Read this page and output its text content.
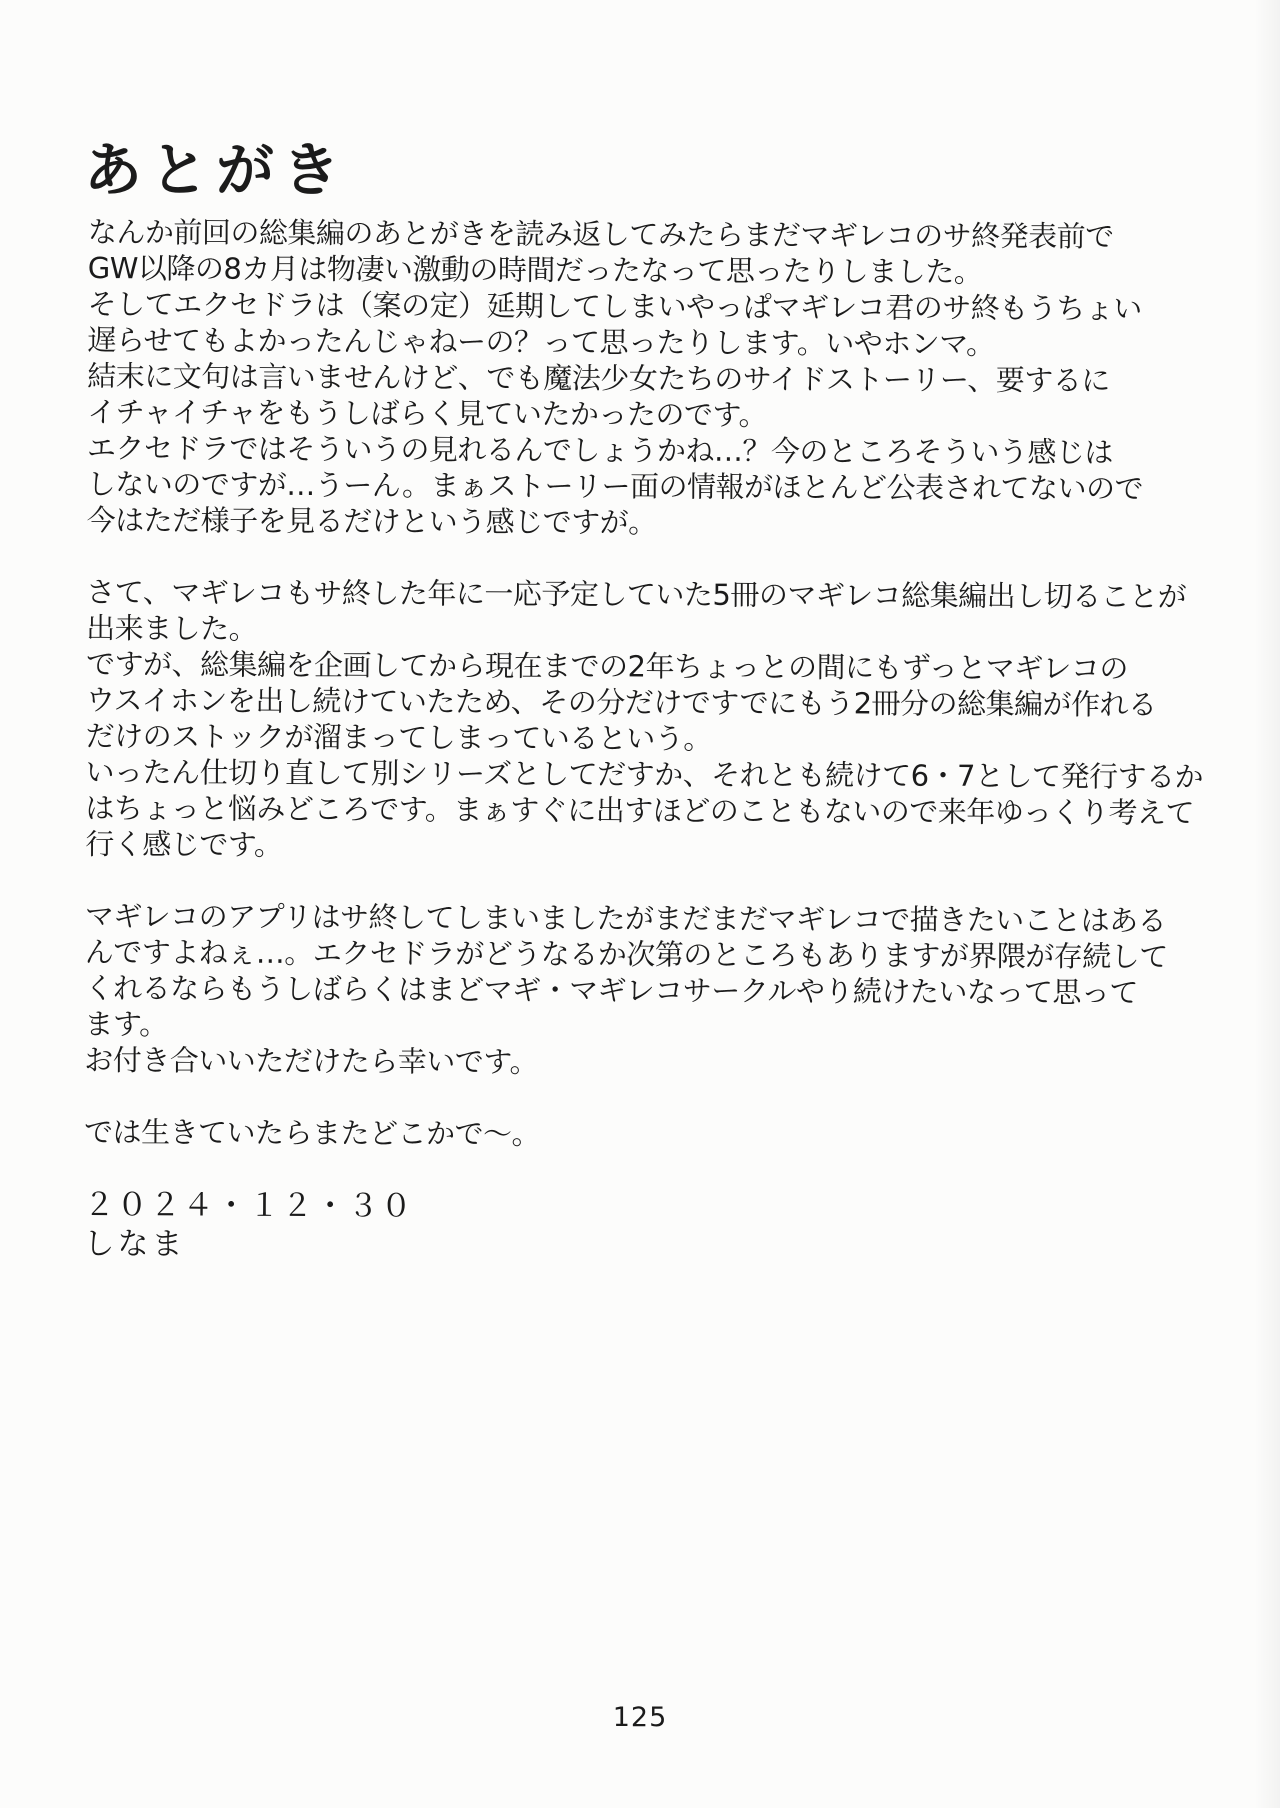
あとがき
なんか前回の総集編のあとがきを読み返してみたらまだマギレコのサ終発表前で
GW以降の8カ月は物凄い激動の時間だったなって思ったりしました。
そしてエクセドラは（案の定）延期してしまいやっぱマギレコ君のサ終もうちょい
遅らせてもよかったんじゃねーの？って思ったりします。いやホンマ。
結末に文句は言いませんけど、でも魔法少女たちのサイドストーリー、要するに
イチャイチャをもうしばらく見ていたかったのです。
エクセドラではそういうの見れるんでしょうかね…？今のところそういう感じは
しないのですが…うーん。まぁストーリー面の情報がほとんど公表されてないので
今はただ様子を見るだけという感じですが。
さて、マギレコもサ終した年に一応予定していた5冊のマギレコ総集編出し切ることが
出来ました。
ですが、総集編を企画してから現在までの2年ちょっとの間にもずっとマギレコの
ウスイホンを出し続けていたため、その分だけですでにもう2冊分の総集編が作れる
だけのストックが溜まってしまっているという。
いったん仕切り直して別シリーズとしてだすか、それとも続けて6・7として発行するか
はちょっと悩みどころです。まぁすぐに出すほどのこともないので来年ゆっくり考えて
行く感じです。
マギレコのアプリはサ終してしまいましたがまだまだマギレコで描きたいことはある
んですよねぇ…。エクセドラがどうなるか次第のところもありますが界隈が存続して
くれるならもうしばらくはまどマギ・マギレコサークルやり続けたいなって思って
ます。
お付き合いいただけたら幸いです。
では生きていたらまたどこかで〜。
２０２４・１２・３０
しなま
125
